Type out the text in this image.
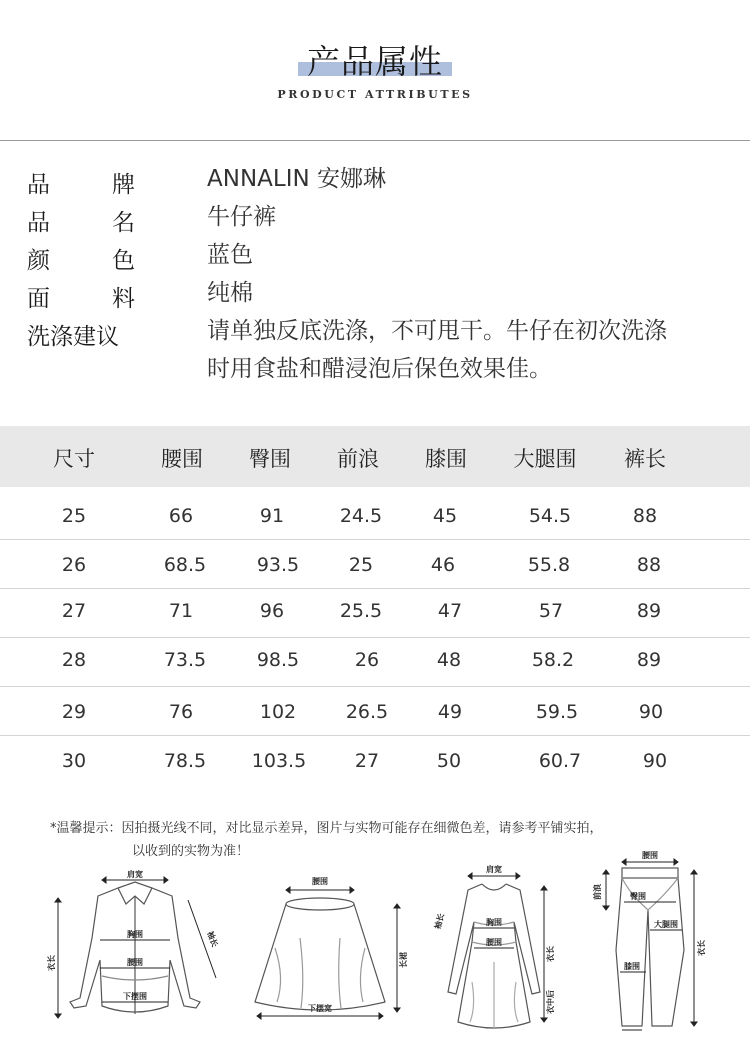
产品属性
PRODUCT ATTRIBUTES
品	牌	ANNALIN 安娜琳
品	名	牛仔裤
颜	色	蓝色
面	料	纯棉
洗涤建议	请单独反底洗涤，不可甩干。牛仔在初次洗涤
时用食盐和醋浸泡后保色效果佳。
尺寸	腰围	臀围	前浪	膝围	大腿围	裤长
25	66	91	24.5	45	54.5	88
26	68.5	93.5	25	46	55.8	88
27	71	96	25.5	47	57	89
28	73.5	98.5	26	48	58.2	89
29	76	102	26.5	49	59.5	90
30	78.5	103.5	27	50	60.7	90
*温馨提示：因拍摄光线不同，对比显示差异，图片与实物可能存在细微色差，请参考平铺实拍，
以收到的实物为准！
肩宽
胸围
腰围
下摆围
衣长
袖长
腰围
下摆宽
长裙
肩宽
袖长	胸围
腰围
衣长
衣中后
腰围
前浪	臀围
大腿围
膝围
衣长
